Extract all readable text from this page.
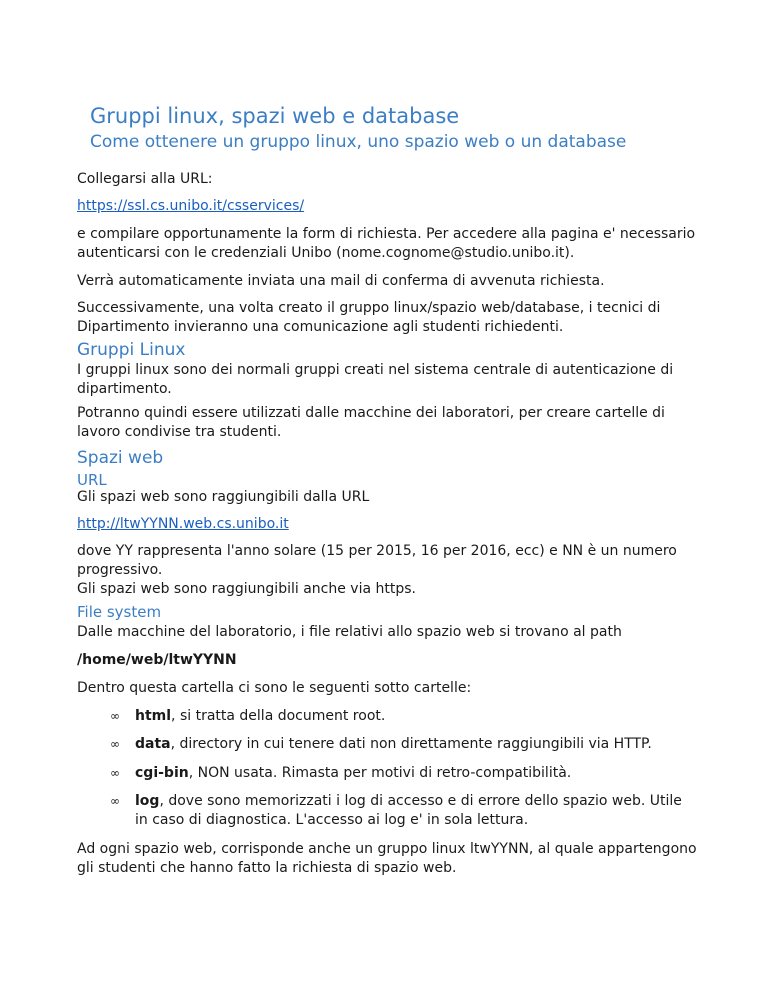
Gruppi linux, spazi web e database
Come ottenere un gruppo linux, uno spazio web o un database

Collegarsi alla URL:

https://ssl.cs.unibo.it/csservices/

e compilare opportunamente la form di richiesta. Per accedere alla pagina e' necessario autenticarsi con le credenziali Unibo (nome.cognome@studio.unibo.it).

Verrà automaticamente inviata una mail di conferma di avvenuta richiesta.

Successivamente, una volta creato il gruppo linux/spazio web/database, i tecnici di Dipartimento invieranno una comunicazione agli studenti richiedenti.

Gruppi Linux

I gruppi linux sono dei normali gruppi creati nel sistema centrale di autenticazione di dipartimento.

Potranno quindi essere utilizzati dalle macchine dei laboratori, per creare cartelle di lavoro condivise tra studenti.

Spazi web
URL

Gli spazi web sono raggiungibili dalla URL

http://ltwYYNN.web.cs.unibo.it

dove YY rappresenta l'anno solare (15 per 2015, 16 per 2016, ecc) e NN è un numero progressivo.

Gli spazi web sono raggiungibili anche via https.

File system

Dalle macchine del laboratorio, i file relativi allo spazio web si trovano al path

/home/web/ltwYYNN

Dentro questa cartella ci sono le seguenti sotto cartelle:

∞ html, si tratta della document root.
∞ data, directory in cui tenere dati non direttamente raggiungibili via HTTP.
∞ cgi-bin, NON usata. Rimasta per motivi di retro-compatibilità.
∞ log, dove sono memorizzati i log di accesso e di errore dello spazio web. Utile in caso di diagnostica. L'accesso ai log e' in sola lettura.

Ad ogni spazio web, corrisponde anche un gruppo linux ltwYYNN, al quale appartengono gli studenti che hanno fatto la richiesta di spazio web.
